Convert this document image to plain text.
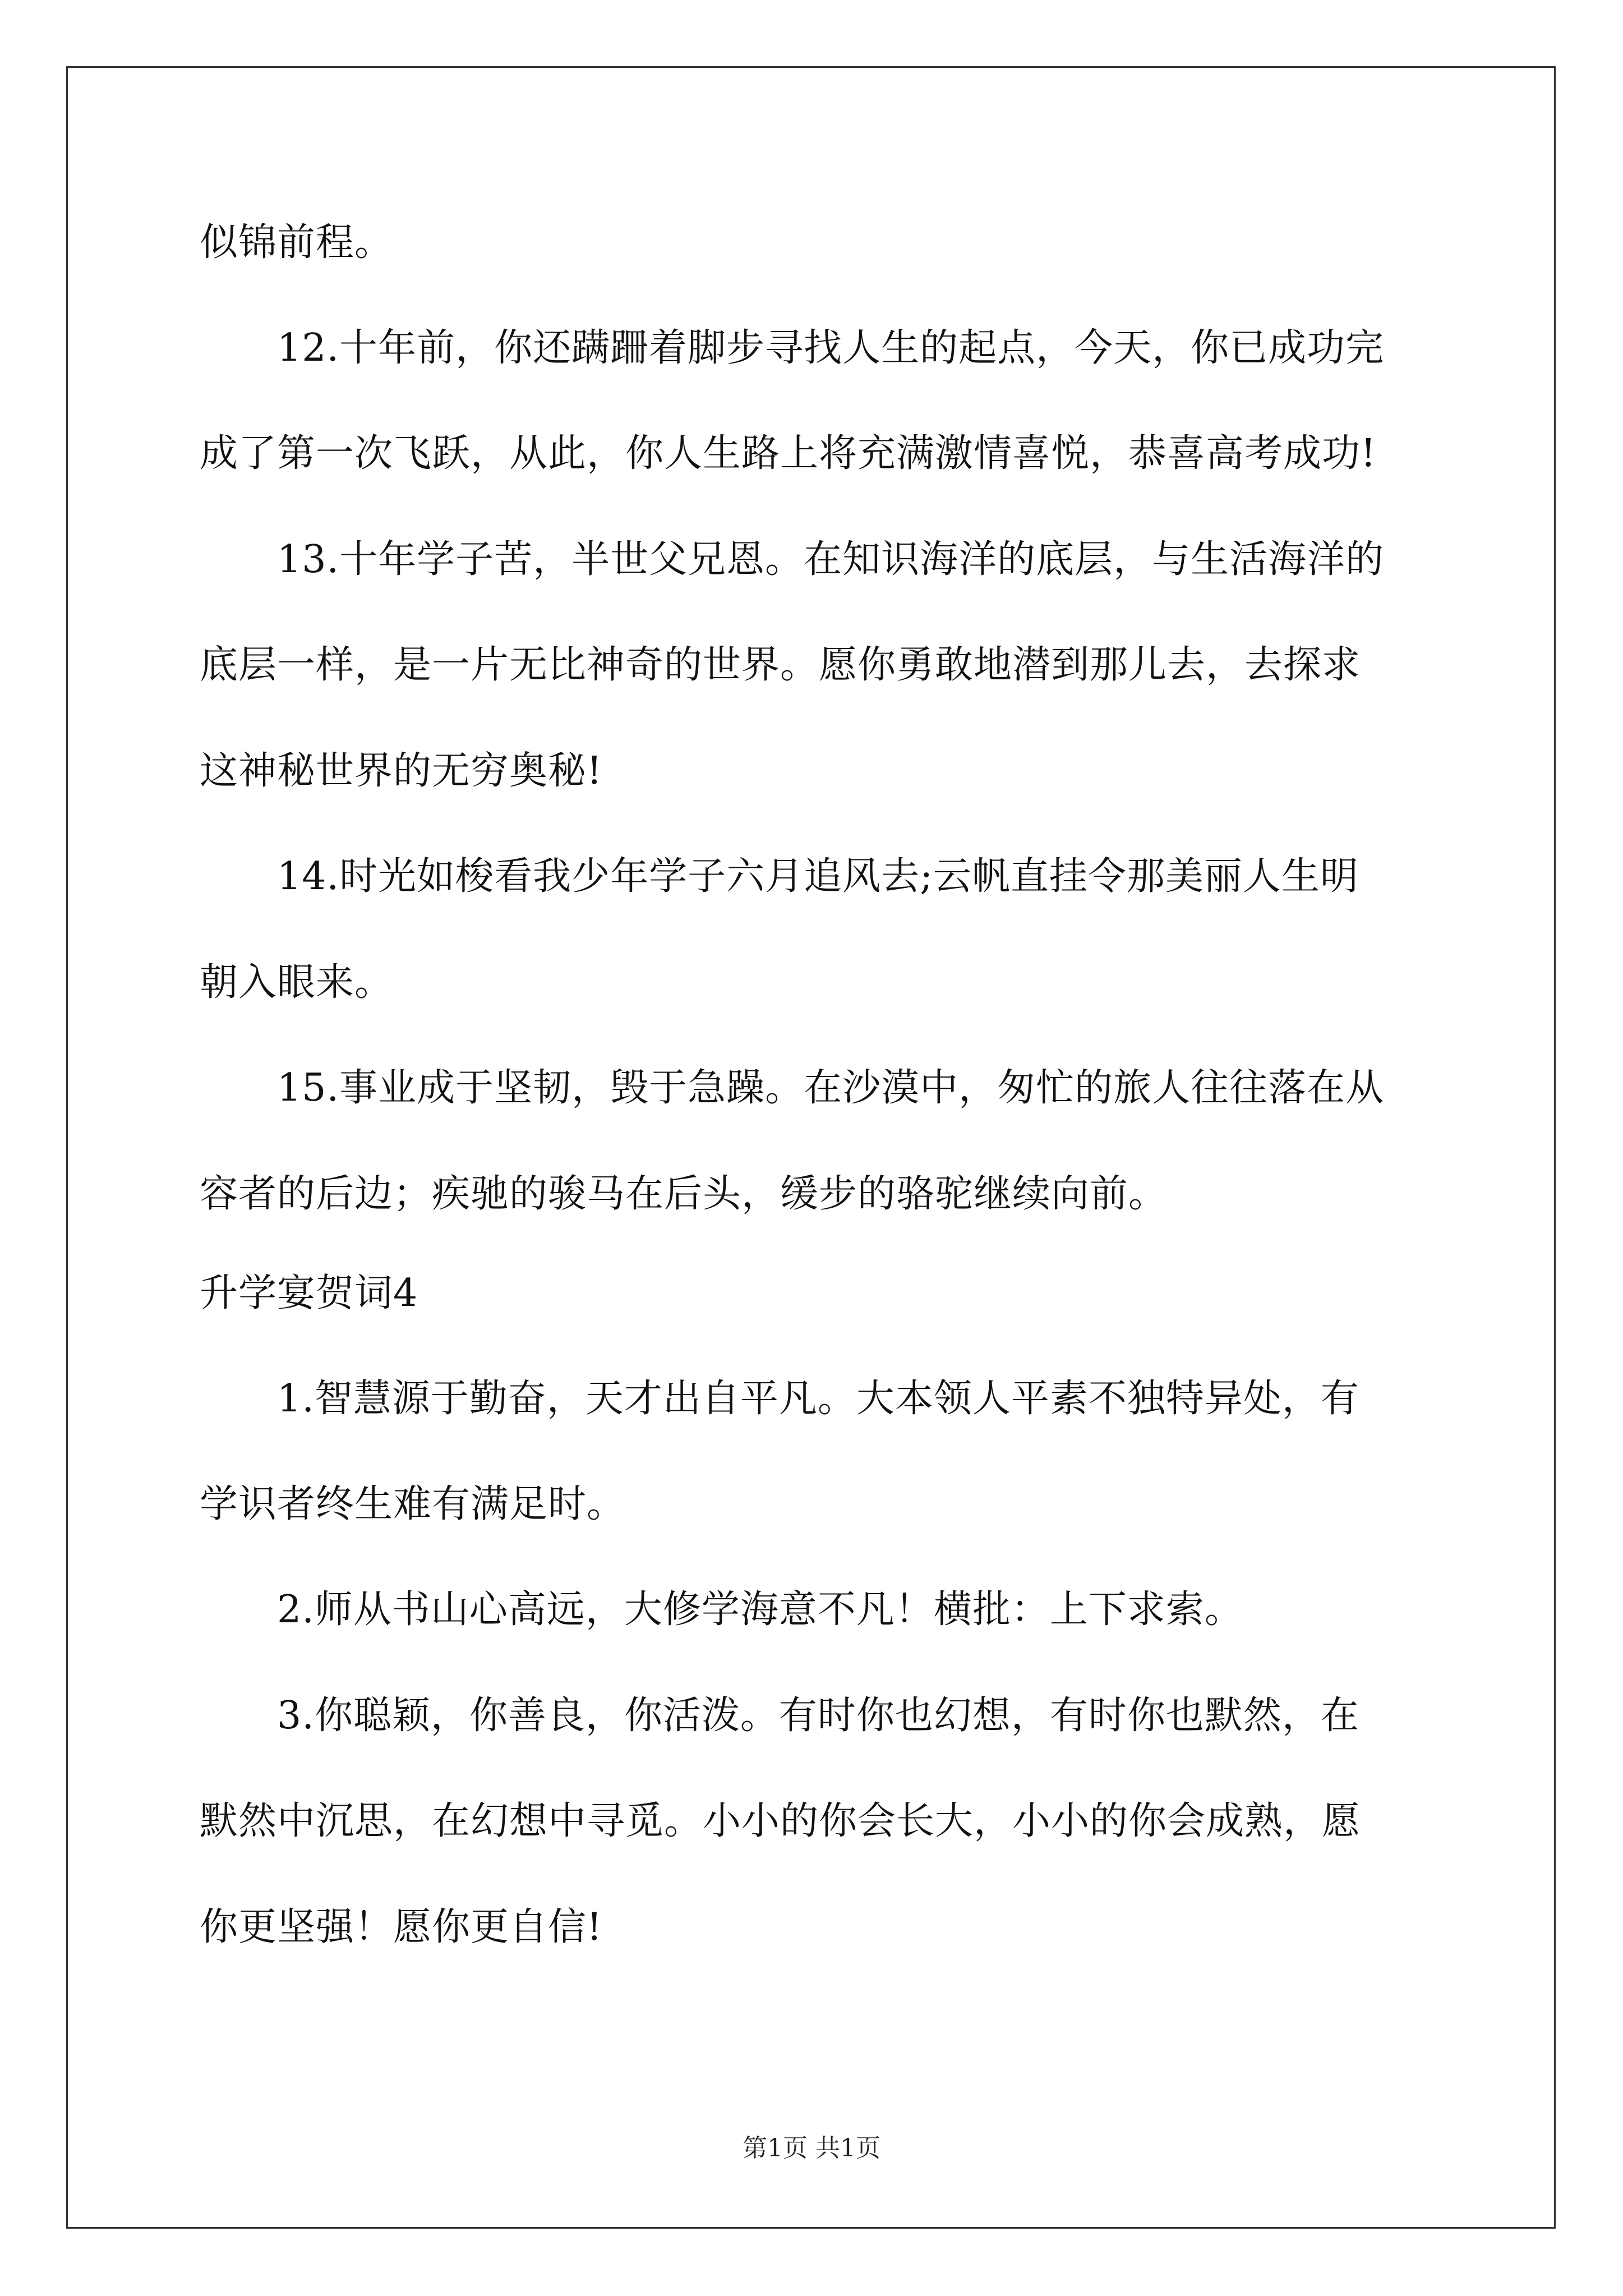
似锦前程。
12.十年前，你还蹒跚着脚步寻找人生的起点，今天，你已成功完
成了第一次飞跃，从此，你人生路上将充满激情喜悦，恭喜高考成功!
13.十年学子苦，半世父兄恩。在知识海洋的底层，与生活海洋的
底层一样，是一片无比神奇的世界。愿你勇敢地潜到那儿去，去探求
这神秘世界的无穷奥秘!
14.时光如梭看我少年学子六月追风去;云帆直挂令那美丽人生明
朝入眼来。
15.事业成于坚韧，毁于急躁。在沙漠中，匆忙的旅人往往落在从
容者的后边；疾驰的骏马在后头，缓步的骆驼继续向前。
升学宴贺词4
1.智慧源于勤奋，天才出自平凡。大本领人平素不独特异处，有
学识者终生难有满足时。
2.师从书山心高远，大修学海意不凡！横批：上下求索。
3.你聪颖，你善良，你活泼。有时你也幻想，有时你也默然，在
默然中沉思，在幻想中寻觅。小小的你会长大，小小的你会成熟，愿
你更坚强！愿你更自信!
第1页 共1页
